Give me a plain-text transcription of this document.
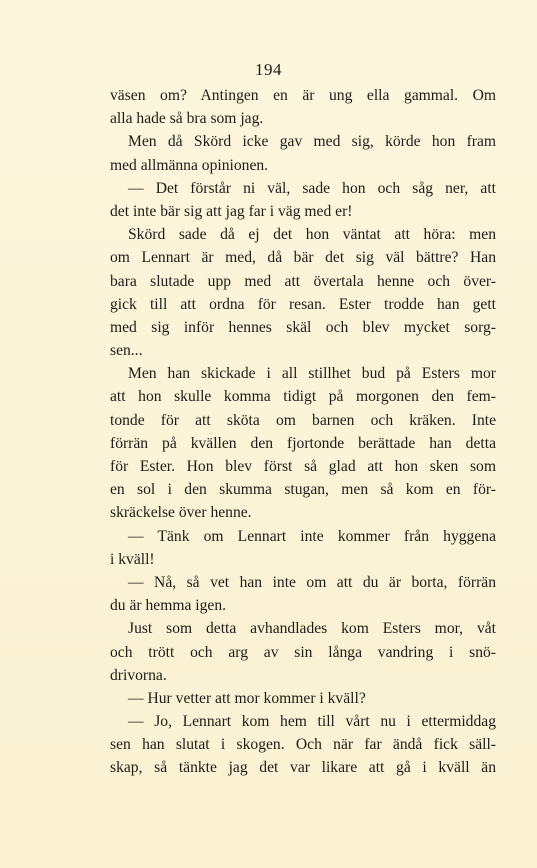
194
väsen om? Antingen en är ung ella gammal. Om
alla hade så bra som jag.
Men då Skörd icke gav med sig, körde hon fram
med allmänna opinionen.
— Det förstår ni väl, sade hon och såg ner, att
det inte bär sig att jag far i väg med er!
Skörd sade då ej det hon väntat att höra: men
om Lennart är med, då bär det sig väl bättre? Han
bara slutade upp med att övertala henne och över-
gick till att ordna för resan. Ester trodde han gett
med sig inför hennes skäl och blev mycket sorg-
sen...
Men han skickade i all stillhet bud på Esters mor
att hon skulle komma tidigt på morgonen den fem-
tonde för att sköta om barnen och kräken. Inte
förrän på kvällen den fjortonde berättade han detta
för Ester. Hon blev först så glad att hon sken som
en sol i den skumma stugan, men så kom en för-
skräckelse över henne.
— Tänk om Lennart inte kommer från hyggena
i kväll!
— Nå, så vet han inte om att du är borta, förrän
du är hemma igen.
Just som detta avhandlades kom Esters mor, våt
och trött och arg av sin långa vandring i snö-
drivorna.
— Hur vetter att mor kommer i kväll?
— Jo, Lennart kom hem till vårt nu i ettermiddag
sen han slutat i skogen. Och när far ändå fick säll-
skap, så tänkte jag det var likare att gå i kväll än
